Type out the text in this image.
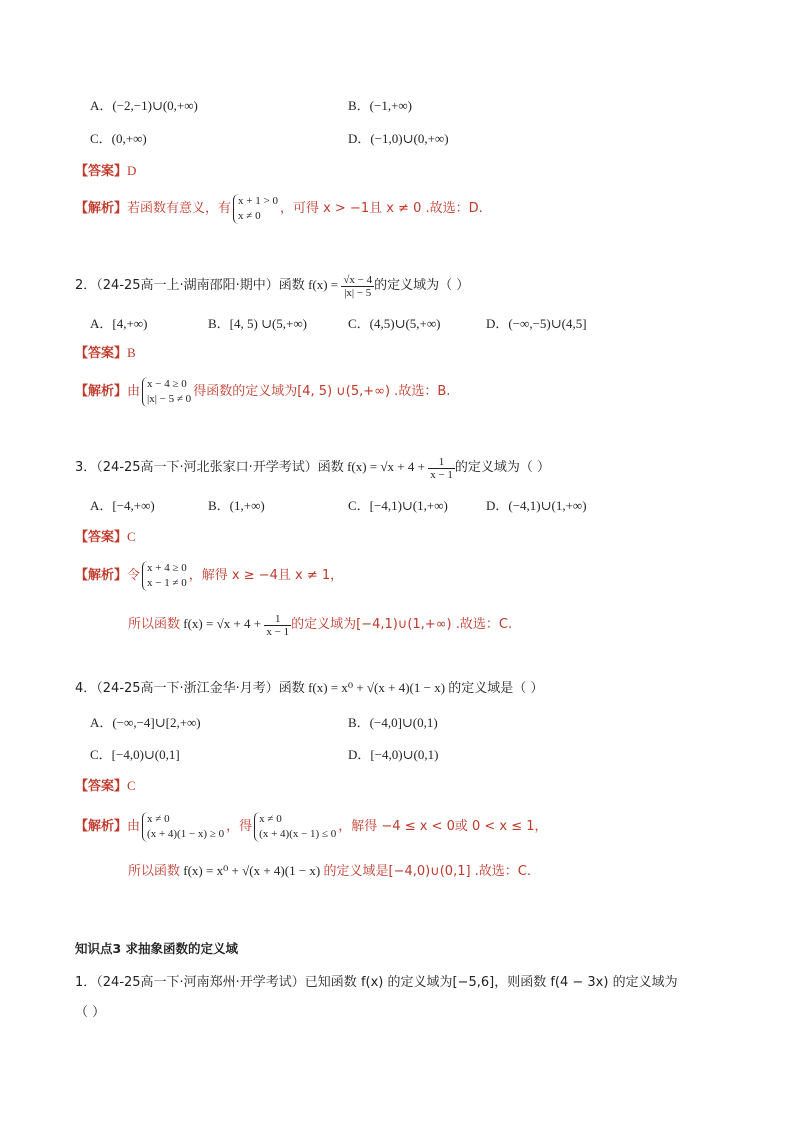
A．(−2,−1)∪(0,+∞)	B．(−1,+∞)
C．(0,+∞)	D．(−1,0)∪(0,+∞)
【答案】D
【解析】若函数有意义，有 x + 1 > 0
x ≠ 0
，可得 x > −1且 x ≠ 0 .故选：D.
2．（24-25高一上·湖南邵阳·期中）函数 $f(x) = \frac{√x - 4}{|x| - 5}$ 的定义域为（ ）
A．[4,+∞)	B．[4, 5) ∪(5,+∞)	C．(4,5)∪(5,+∞)	D．(−∞,−5)∪(4,5]
【答案】B
【解析】由 x − 4 ≥ 0
|x| − 5 ≠ 0
得函数的定义域为[4, 5) ∪(5,+∞) .故选：B.
3．（24-25高一下·河北张家口·开学考试）函数 $f(x) = √x + 4 + \frac{1}{x - 1}$ 的定义域为（ ）
A．[−4,+∞)	B．(1,+∞)	C．[−4,1)∪(1,+∞)	D．(−4,1)∪(1,+∞)
【答案】C
【解析】令 x + 4 ≥ 0
x − 1 ≠ 0
，解得 x ≥ −4且 x ≠ 1，
所以函数 $f(x) = √x + 4 + \frac{1}{x - 1}$ 的定义域为[−4,1)∪(1,+∞) .故选：C.
4．（24-25高一下·浙江金华·月考）函数 f(x) = x⁰ + √(x + 4)(1 − x) 的定义域是（ ）
A．(−∞,−4]∪[2,+∞)	B．(−4,0]∪(0,1)
C．[−4,0)∪(0,1]	D．[−4,0)∪(0,1)
【答案】C
【解析】由 x ≠ 0
(x + 4)(1 − x) ≥ 0
，得 x ≠ 0
(x + 4)(x − 1) ≤ 0
，解得 −4 ≤ x < 0或 0 < x ≤ 1，
所以函数 f(x) = x⁰ + √(x + 4)(1 − x) 的定义域是[−4,0)∪(0,1] .故选：C.
知识点3 求抽象函数的定义域
1．（24-25高一下·河南郑州·开学考试）已知函数 f(x) 的定义域为[−5,6]，则函数 f(4 − 3x) 的定义域为
（ ）
